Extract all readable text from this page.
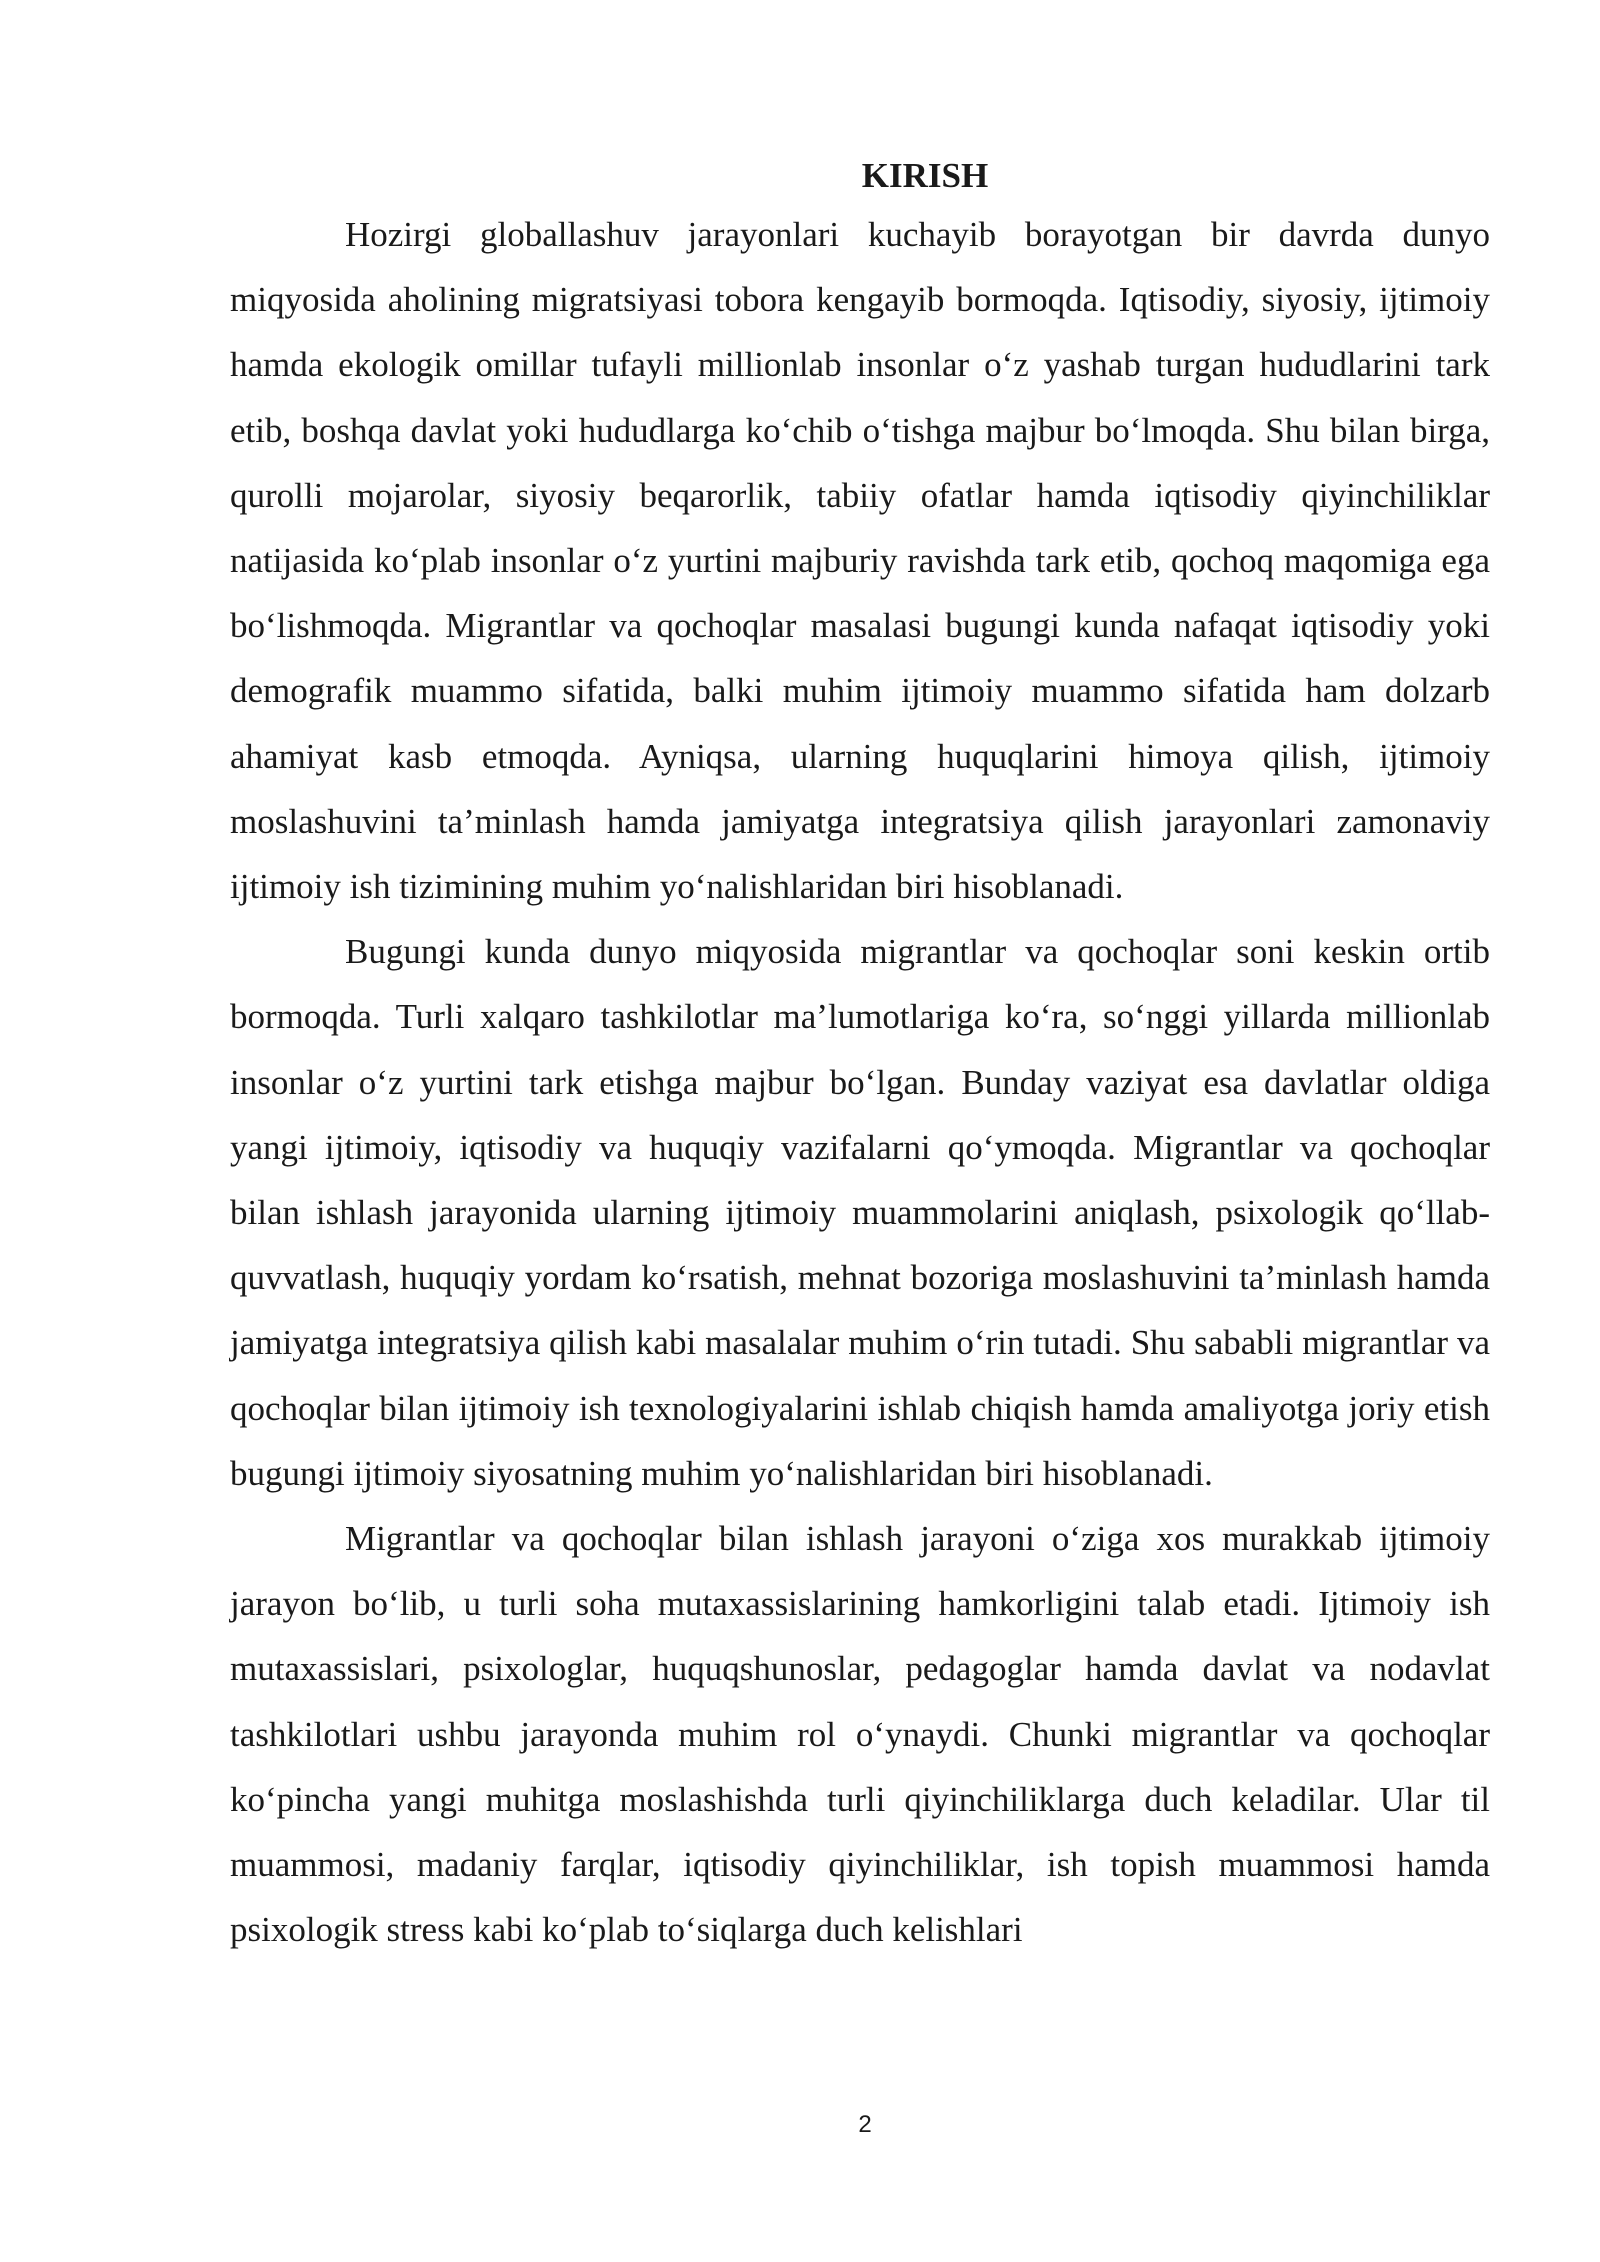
KIRISH

Hozirgi globallashuv jarayonlari kuchayib borayotgan bir davrda dunyo miqyosida aholining migratsiyasi tobora kengayib bormoqda. Iqtisodiy, siyosiy, ijtimoiy hamda ekologik omillar tufayli millionlab insonlar o‘z yashab turgan hududlarini tark etib, boshqa davlat yoki hududlarga ko‘chib o‘tishga majbur bo‘lmoqda. Shu bilan birga, qurolli mojarolar, siyosiy beqarorlik, tabiiy ofatlar hamda iqtisodiy qiyinchiliklar natijasida ko‘plab insonlar o‘z yurtini majburiy ravishda tark etib, qochoq maqomiga ega bo‘lishmoqda. Migrantlar va qochoqlar masalasi bugungi kunda nafaqat iqtisodiy yoki demografik muammo sifatida, balki muhim ijtimoiy muammo sifatida ham dolzarb ahamiyat kasb etmoqda. Ayniqsa, ularning huquqlarini himoya qilish, ijtimoiy moslashuvini ta’minlash hamda jamiyatga integratsiya qilish jarayonlari zamonaviy ijtimoiy ish tizimining muhim yo‘nalishlaridan biri hisoblanadi.

Bugungi kunda dunyo miqyosida migrantlar va qochoqlar soni keskin ortib bormoqda. Turli xalqaro tashkilotlar ma’lumotlariga ko‘ra, so‘nggi yillarda millionlab insonlar o‘z yurtini tark etishga majbur bo‘lgan. Bunday vaziyat esa davlatlar oldiga yangi ijtimoiy, iqtisodiy va huquqiy vazifalarni qo‘ymoqda. Migrantlar va qochoqlar bilan ishlash jarayonida ularning ijtimoiy muammolarini aniqlash, psixologik qo‘llab-quvvatlash, huquqiy yordam ko‘rsatish, mehnat bozoriga moslashuvini ta’minlash hamda jamiyatga integratsiya qilish kabi masalalar muhim o‘rin tutadi. Shu sababli migrantlar va qochoqlar bilan ijtimoiy ish texnologiyalarini ishlab chiqish hamda amaliyotga joriy etish bugungi ijtimoiy siyosatning muhim yo‘nalishlaridan biri hisoblanadi.

Migrantlar va qochoqlar bilan ishlash jarayoni o‘ziga xos murakkab ijtimoiy jarayon bo‘lib, u turli soha mutaxassislarining hamkorligini talab etadi. Ijtimoiy ish mutaxassislari, psixologlar, huquqshunoslar, pedagoglar hamda davlat va nodavlat tashkilotlari ushbu jarayonda muhim rol o‘ynaydi. Chunki migrantlar va qochoqlar ko‘pincha yangi muhitga moslashishda turli qiyinchiliklarga duch keladilar. Ular til muammosi, madaniy farqlar, iqtisodiy qiyinchiliklar, ish topish muammosi hamda psixologik stress kabi ko‘plab to‘siqlarga duch kelishlari

2
